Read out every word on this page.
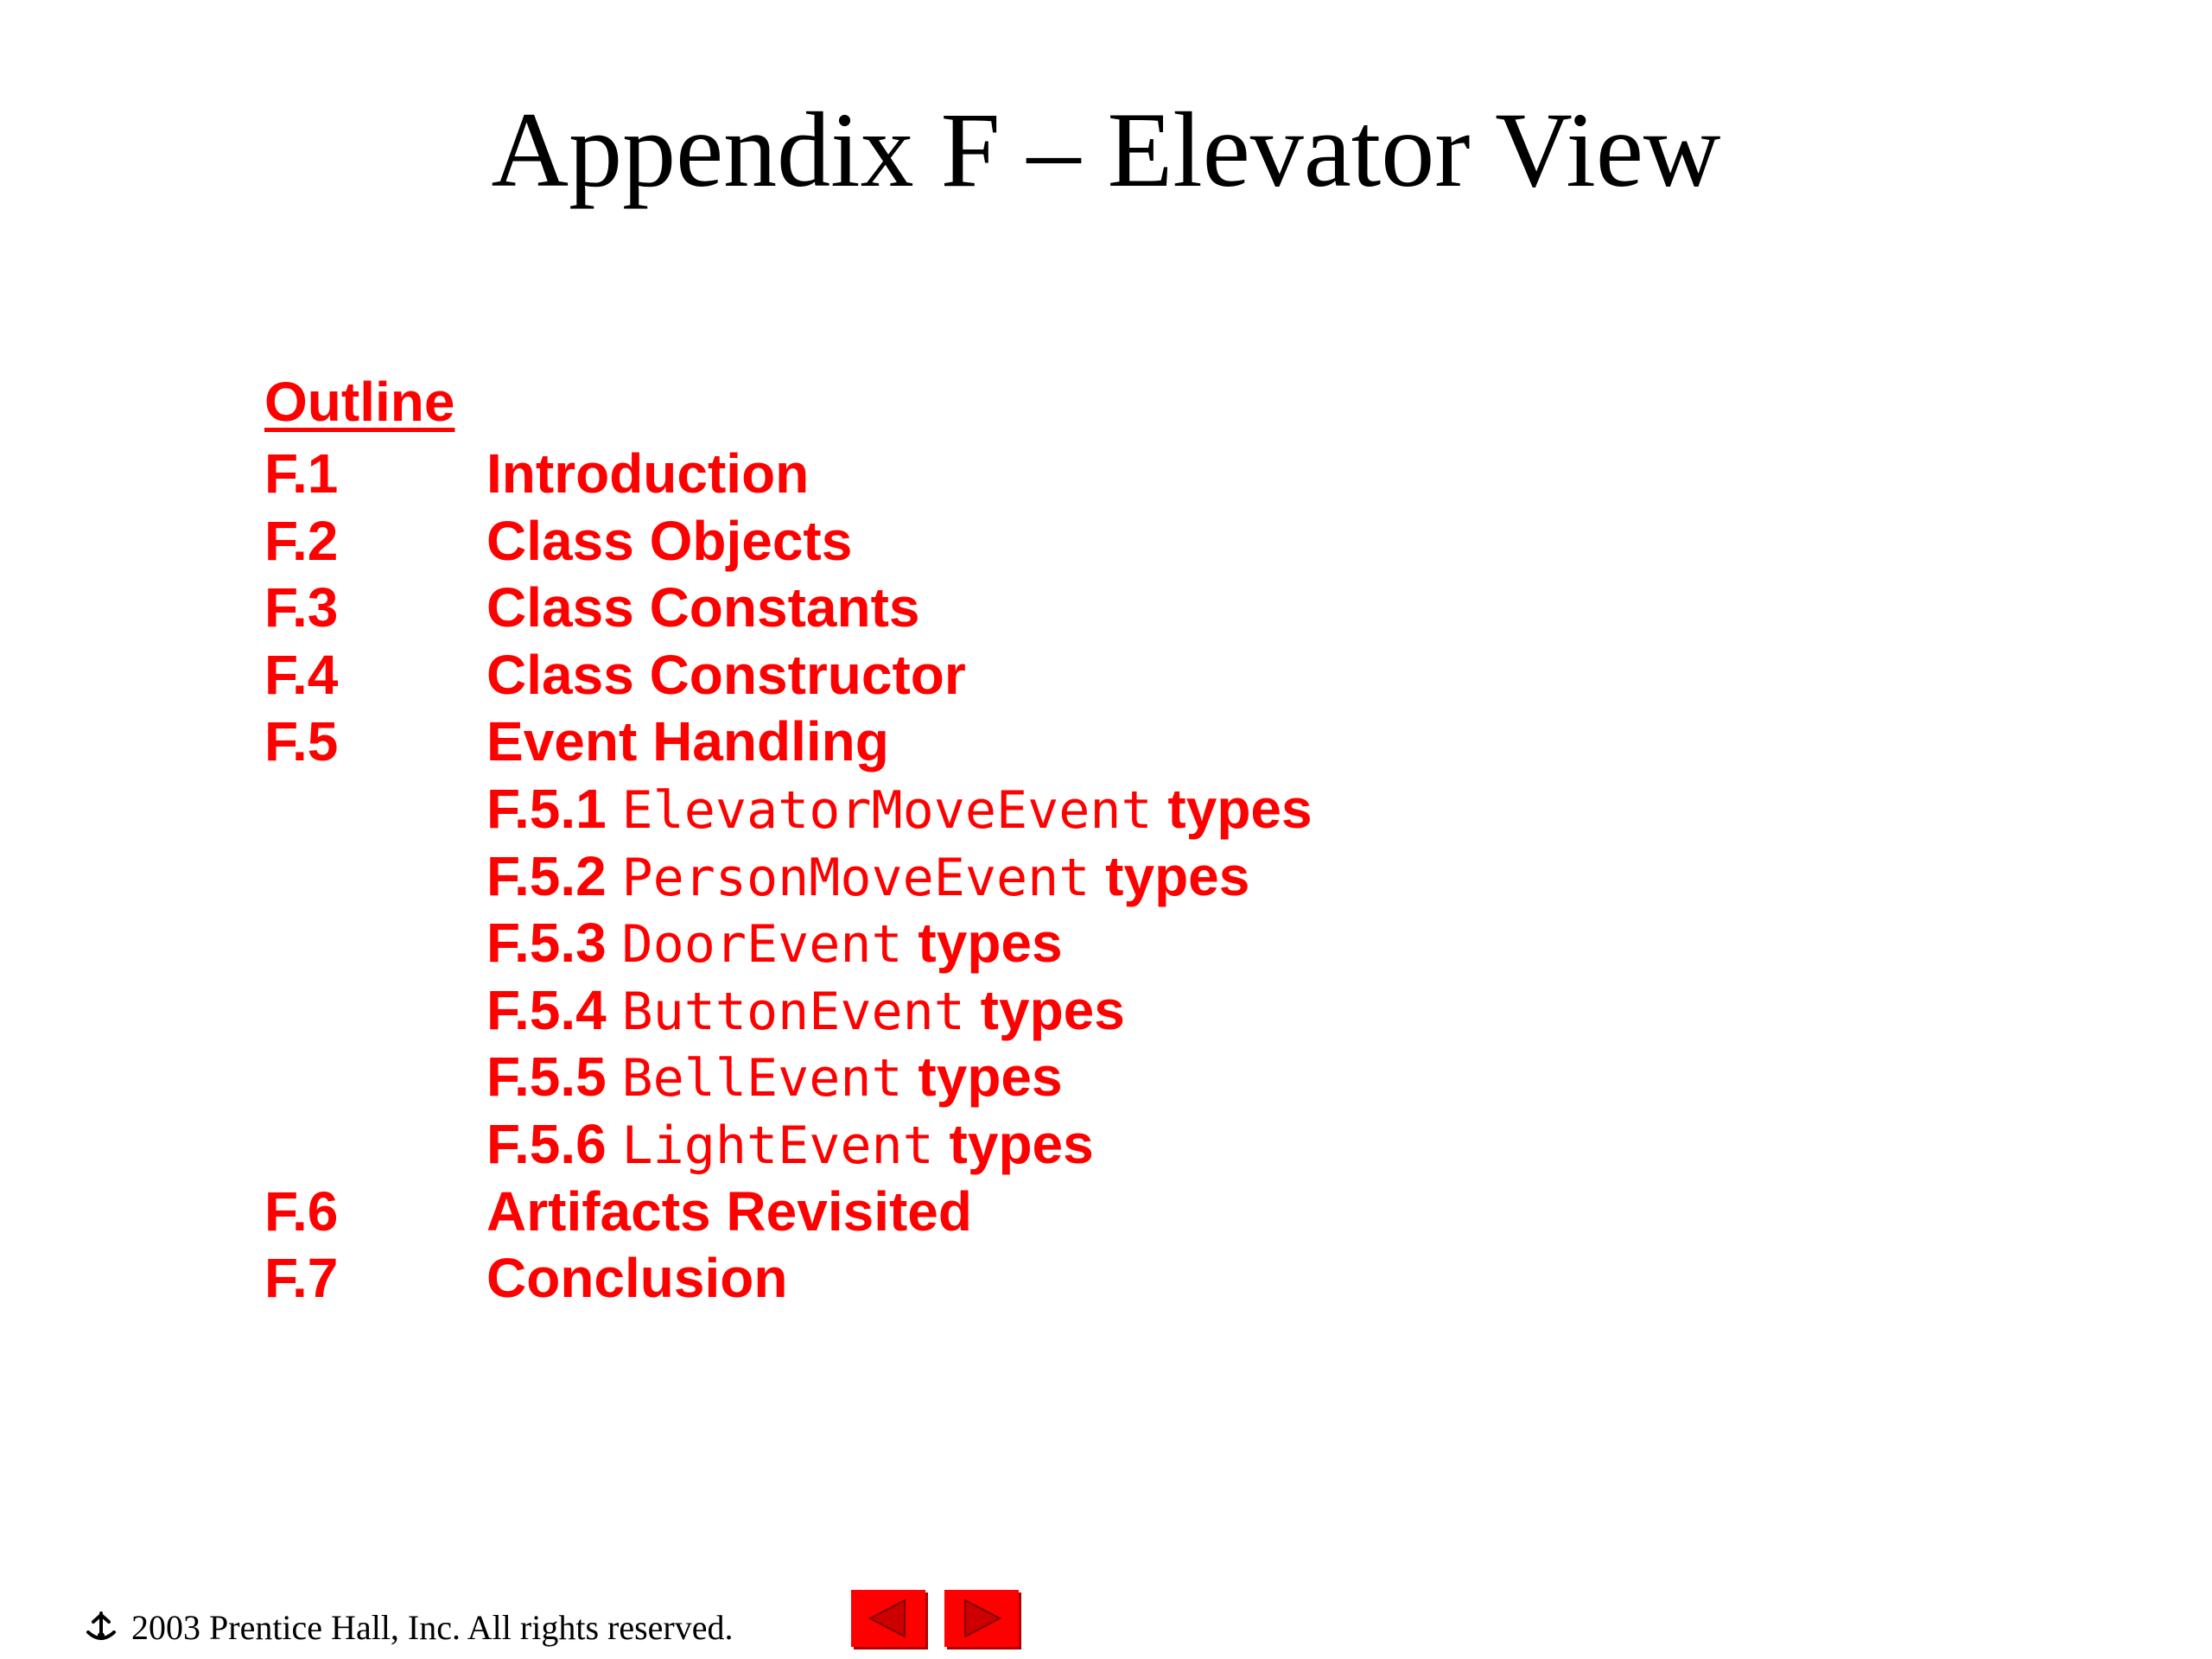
Appendix F – Elevator View
Outline
F.1	Introduction
F.2	Class Objects
F.3	Class Constants
F.4	Class Constructor
F.5	Event Handling
F.5.1 ElevatorMoveEvent types
F.5.2 PersonMoveEvent types
F.5.3 DoorEvent types
F.5.4 ButtonEvent types
F.5.5 BellEvent types
F.5.6 LightEvent types
F.6	Artifacts Revisited
F.7	Conclusion
2003 Prentice Hall, Inc. All rights reserved.
